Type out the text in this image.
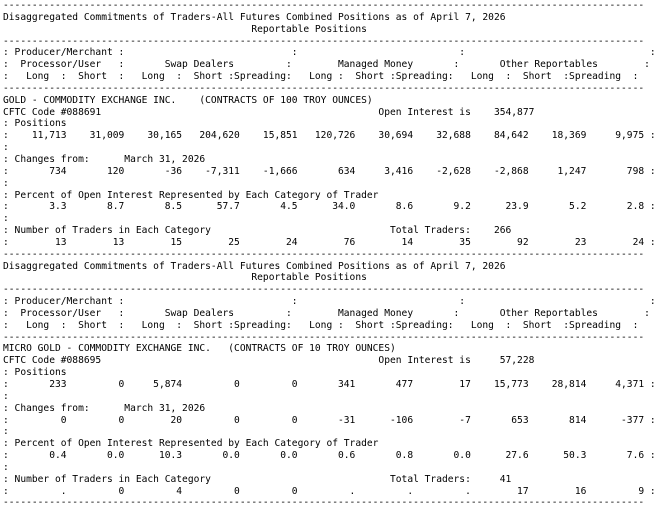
---------------------------------------------------------------------------------------------------------------
Disaggregated Commitments of Traders-All Futures Combined Positions as of April 7, 2026
Reportable Positions
---------------------------------------------------------------------------------------------------------------
: Producer/Merchant :                             :                            :                                :
:  Processor/User   :       Swap Dealers         :        Managed Money       :       Other Reportables        :
:   Long  :  Short  :   Long  :  Short :Spreading:   Long :  Short :Spreading:   Long  :  Short  :Spreading  :
---------------------------------------------------------------------------------------------------------------
GOLD - COMMODITY EXCHANGE INC.    (CONTRACTS OF 100 TROY OUNCES)
CFTC Code #088691                                                Open Interest is    354,877
: Positions
:    11,713    31,009    30,165   204,620    15,851   120,726    30,694    32,688    84,642    18,369     9,975 :
:
: Changes from:      March 31, 2026
:       734       120       -36    -7,311    -1,666       634     3,416    -2,628    -2,868     1,247       798 :
:
: Percent of Open Interest Represented by Each Category of Trader
:       3.3       8.7       8.5      57.7       4.5      34.0       8.6       9.2      23.9       5.2       2.8 :
:
: Number of Traders in Each Category                               Total Traders:    266
:        13        13        15        25        24        76        14        35        92        23        24 :
---------------------------------------------------------------------------------------------------------------
Disaggregated Commitments of Traders-All Futures Combined Positions as of April 7, 2026
Reportable Positions
---------------------------------------------------------------------------------------------------------------
: Producer/Merchant :                             :                            :                                :
:  Processor/User   :       Swap Dealers         :        Managed Money       :       Other Reportables        :
:   Long  :  Short  :   Long  :  Short :Spreading:   Long :  Short :Spreading:   Long  :  Short  :Spreading  :
---------------------------------------------------------------------------------------------------------------
MICRO GOLD - COMMODITY EXCHANGE INC.   (CONTRACTS OF 10 TROY OUNCES)
CFTC Code #088695                                                Open Interest is     57,228
: Positions
:       233         0     5,874         0         0       341       477        17    15,773    28,814     4,371 :
:
: Changes from:      March 31, 2026
:         0         0        20         0         0       -31      -106        -7       653       814      -377 :
:
: Percent of Open Interest Represented by Each Category of Trader
:       0.4       0.0      10.3       0.0       0.0       0.6       0.8       0.0      27.6      50.3       7.6 :
:
: Number of Traders in Each Category                               Total Traders:     41
:         .         0         4         0         0         .         .         .        17        16         9 :
---------------------------------------------------------------------------------------------------------------
